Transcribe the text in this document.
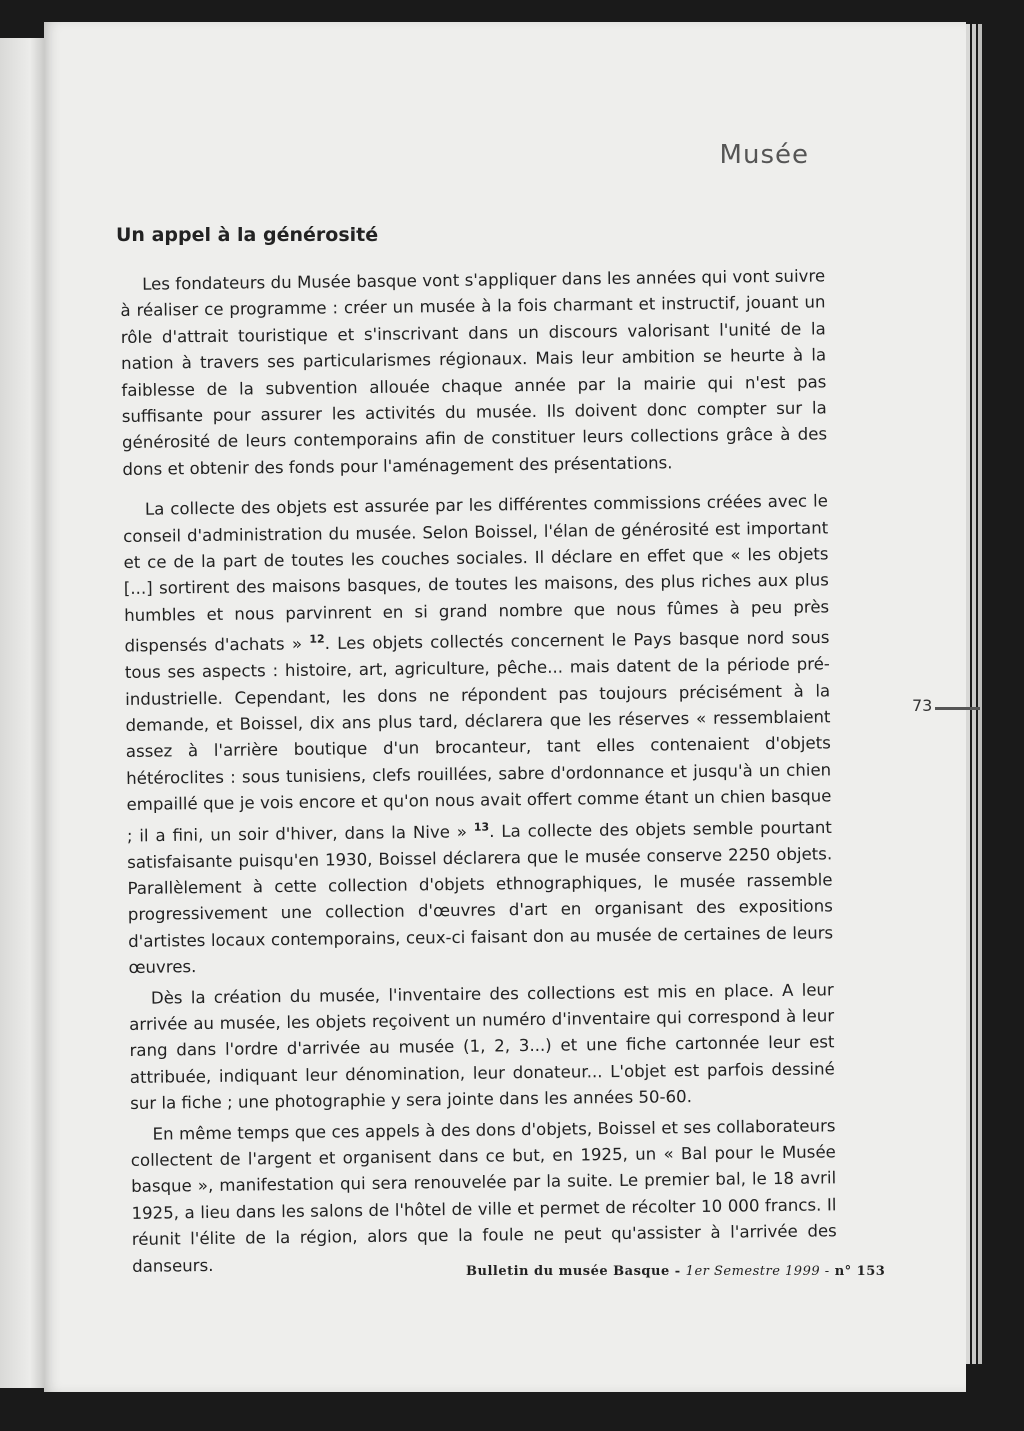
Musée
Un appel à la générosité

Les fondateurs du Musée basque vont s'appliquer dans les années qui vont suivre à réaliser ce programme : créer un musée à la fois charmant et instructif, jouant un rôle d'attrait touristique et s'inscrivant dans un discours valorisant l'unité de la nation à travers ses particularismes régionaux. Mais leur ambition se heurte à la faiblesse de la subvention allouée chaque année par la mairie qui n'est pas suffisante pour assurer les activités du musée. Ils doivent donc compter sur la générosité de leurs contemporains afin de constituer leurs collections grâce à des dons et obtenir des fonds pour l'aménagement des présentations.

La collecte des objets est assurée par les différentes commissions créées avec le conseil d'administration du musée. Selon Boissel, l'élan de générosité est important et ce de la part de toutes les couches sociales. Il déclare en effet que « les objets [...] sortirent des maisons basques, de toutes les maisons, des plus riches aux plus humbles et nous parvinrent en si grand nombre que nous fûmes à peu près dispensés d'achats » $^{12}$. Les objets collectés concernent le Pays basque nord sous tous ses aspects : histoire, art, agriculture, pêche... mais datent de la période pré-industrielle. Cependant, les dons ne répondent pas toujours précisément à la demande, et Boissel, dix ans plus tard, déclarera que les réserves « ressemblaient assez à l'arrière boutique d'un brocanteur, tant elles contenaient d'objets hétéroclites : sous tunisiens, clefs rouillées, sabre d'ordonnance et jusqu'à un chien empaillé que je vois encore et qu'on nous avait offert comme étant un chien basque ; il a fini, un soir d'hiver, dans la Nive » $^{13}$. La collecte des objets semble pourtant satisfaisante puisqu'en 1930, Boissel déclarera que le musée conserve 2250 objets. Parallèlement à cette collection d'objets ethnographiques, le musée rassemble progressivement une collection d'œuvres d'art en organisant des expositions d'artistes locaux contemporains, ceux-ci faisant don au musée de certaines de leurs œuvres.

Dès la création du musée, l'inventaire des collections est mis en place. A leur arrivée au musée, les objets reçoivent un numéro d'inventaire qui correspond à leur rang dans l'ordre d'arrivée au musée (1, 2, 3...) et une fiche cartonnée leur est attribuée, indiquant leur dénomination, leur donateur... L'objet est parfois dessiné sur la fiche ; une photographie y sera jointe dans les années 50-60.

En même temps que ces appels à des dons d'objets, Boissel et ses collaborateurs collectent de l'argent et organisent dans ce but, en 1925, un « Bal pour le Musée basque », manifestation qui sera renouvelée par la suite. Le premier bal, le 18 avril 1925, a lieu dans les salons de l'hôtel de ville et permet de récolter 10 000 francs. Il réunit l'élite de la région, alors que la foule ne peut qu'assister à l'arrivée des danseurs.

73
Bulletin du musée Basque - 1er Semestre 1999 - n° 153
